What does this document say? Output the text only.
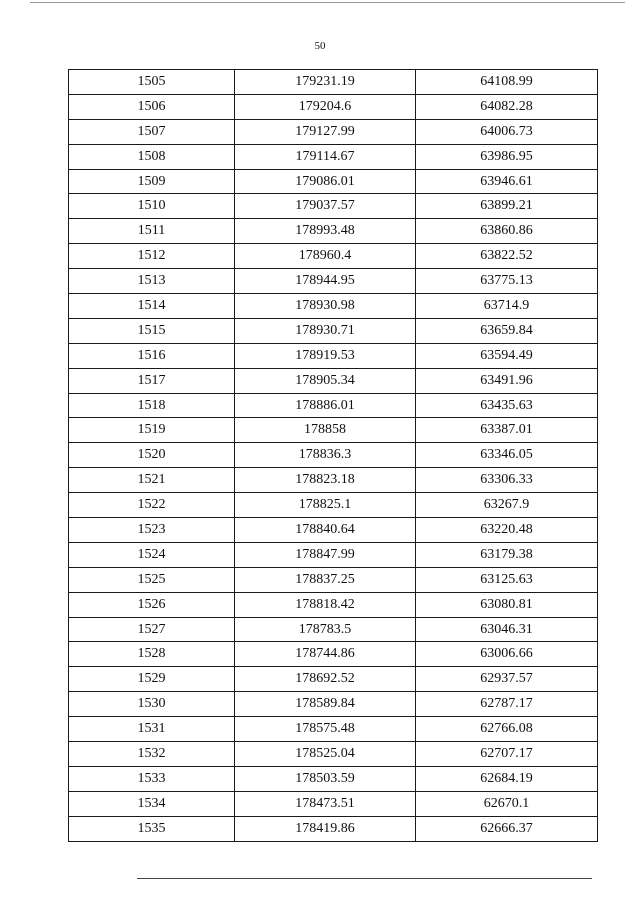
50
1505	179231.19	64108.99
1506	179204.6	64082.28
1507	179127.99	64006.73
1508	179114.67	63986.95
1509	179086.01	63946.61
1510	179037.57	63899.21
1511	178993.48	63860.86
1512	178960.4	63822.52
1513	178944.95	63775.13
1514	178930.98	63714.9
1515	178930.71	63659.84
1516	178919.53	63594.49
1517	178905.34	63491.96
1518	178886.01	63435.63
1519	178858	63387.01
1520	178836.3	63346.05
1521	178823.18	63306.33
1522	178825.1	63267.9
1523	178840.64	63220.48
1524	178847.99	63179.38
1525	178837.25	63125.63
1526	178818.42	63080.81
1527	178783.5	63046.31
1528	178744.86	63006.66
1529	178692.52	62937.57
1530	178589.84	62787.17
1531	178575.48	62766.08
1532	178525.04	62707.17
1533	178503.59	62684.19
1534	178473.51	62670.1
1535	178419.86	62666.37
